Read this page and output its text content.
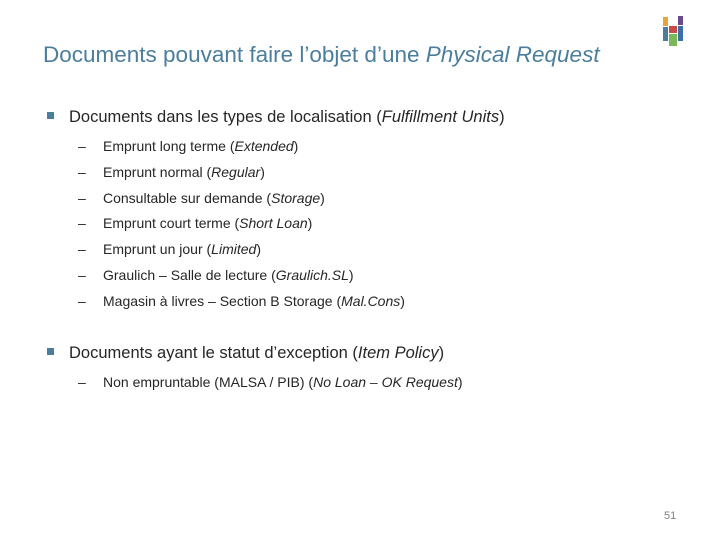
Documents pouvant faire l’objet d’une Physical Request
Documents dans les types de localisation (Fulfillment Units)
– Emprunt long terme (Extended)
– Emprunt normal (Regular)
– Consultable sur demande (Storage)
– Emprunt court terme (Short Loan)
– Emprunt un jour (Limited)
– Graulich – Salle de lecture (Graulich.SL)
– Magasin à livres – Section B Storage (Mal.Cons)
Documents ayant le statut d’exception (Item Policy)
– Non empruntable (MALSA / PIB) (No Loan – OK Request)
51
